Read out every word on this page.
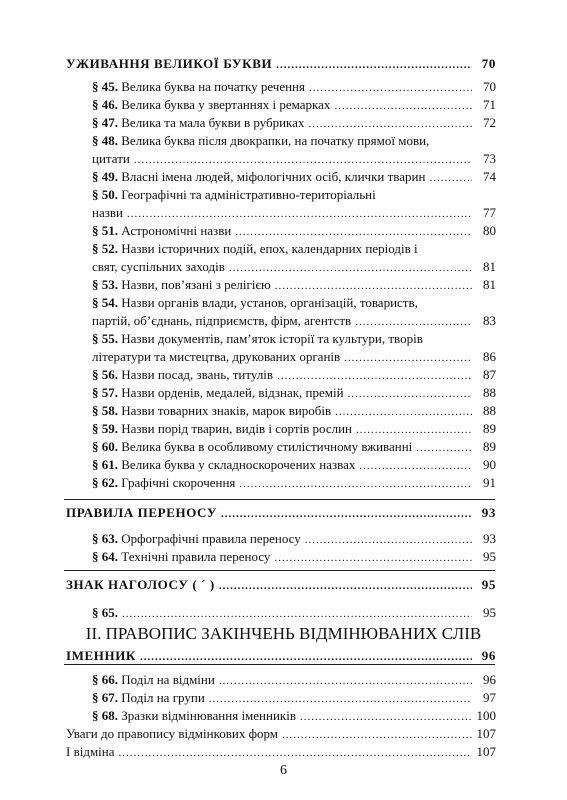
УЖИВАННЯ ВЕЛИКОЇ БУКВИ .....	70
§ 45. Велика буква на початку речення .....	70
§ 46. Велика буква у звертаннях і ремарках .....	71
§ 47. Велика та мала букви в рубриках .....	72
§ 48. Велика буква після двокрапки, на початку прямої мови,
цитати .....	73
§ 49. Власні імена людей, міфологічних осіб, клички тварин .....	74
§ 50. Географічні та адміністративно-територіальні
назви .....	77
§ 51. Астрономічні назви .....	80
§ 52. Назви історичних подій, епох, календарних періодів і
свят, суспільних заходів .....	81
§ 53. Назви, пов’язані з релігією .....	81
§ 54. Назви органів влади, установ, організацій, товариств,
партій, об’єднань, підприємств, фірм, агентств .....	83
§ 55. Назви документів, пам’яток історії та культури, творів
літератури та мистецтва, друкованих органів .....	86
§ 56. Назви посад, звань, титулів .....	87
§ 57. Назви орденів, медалей, відзнак, премій .....	88
§ 58. Назви товарних знаків, марок виробів .....	88
§ 59. Назви порід тварин, видів і сортів рослин .....	89
§ 60. Велика буква в особливому стилістичному вживанні .....	89
§ 61. Велика буква у складноскорочених назвах .....	90
§ 62. Графічні скорочення .....	91
ПРАВИЛА ПЕРЕНОСУ .....	93
§ 63. Орфографічні правила переносу .....	93
§ 64. Технічні правила переносу .....	95
ЗНАК НАГОЛОСУ ( ´ ) .....	95
§ 65. .....	95
ІІ. ПРАВОПИС ЗАКІНЧЕНЬ ВІДМІНЮВАНИХ СЛІВ
ІМЕННИК .....	96
§ 66. Поділ на відміни .....	96
§ 67. Поділ на групи .....	97
§ 68. Зразки відмінювання іменників .....	100
Уваги до правопису відмінкових форм .....	107
І відміна .....	107
6
